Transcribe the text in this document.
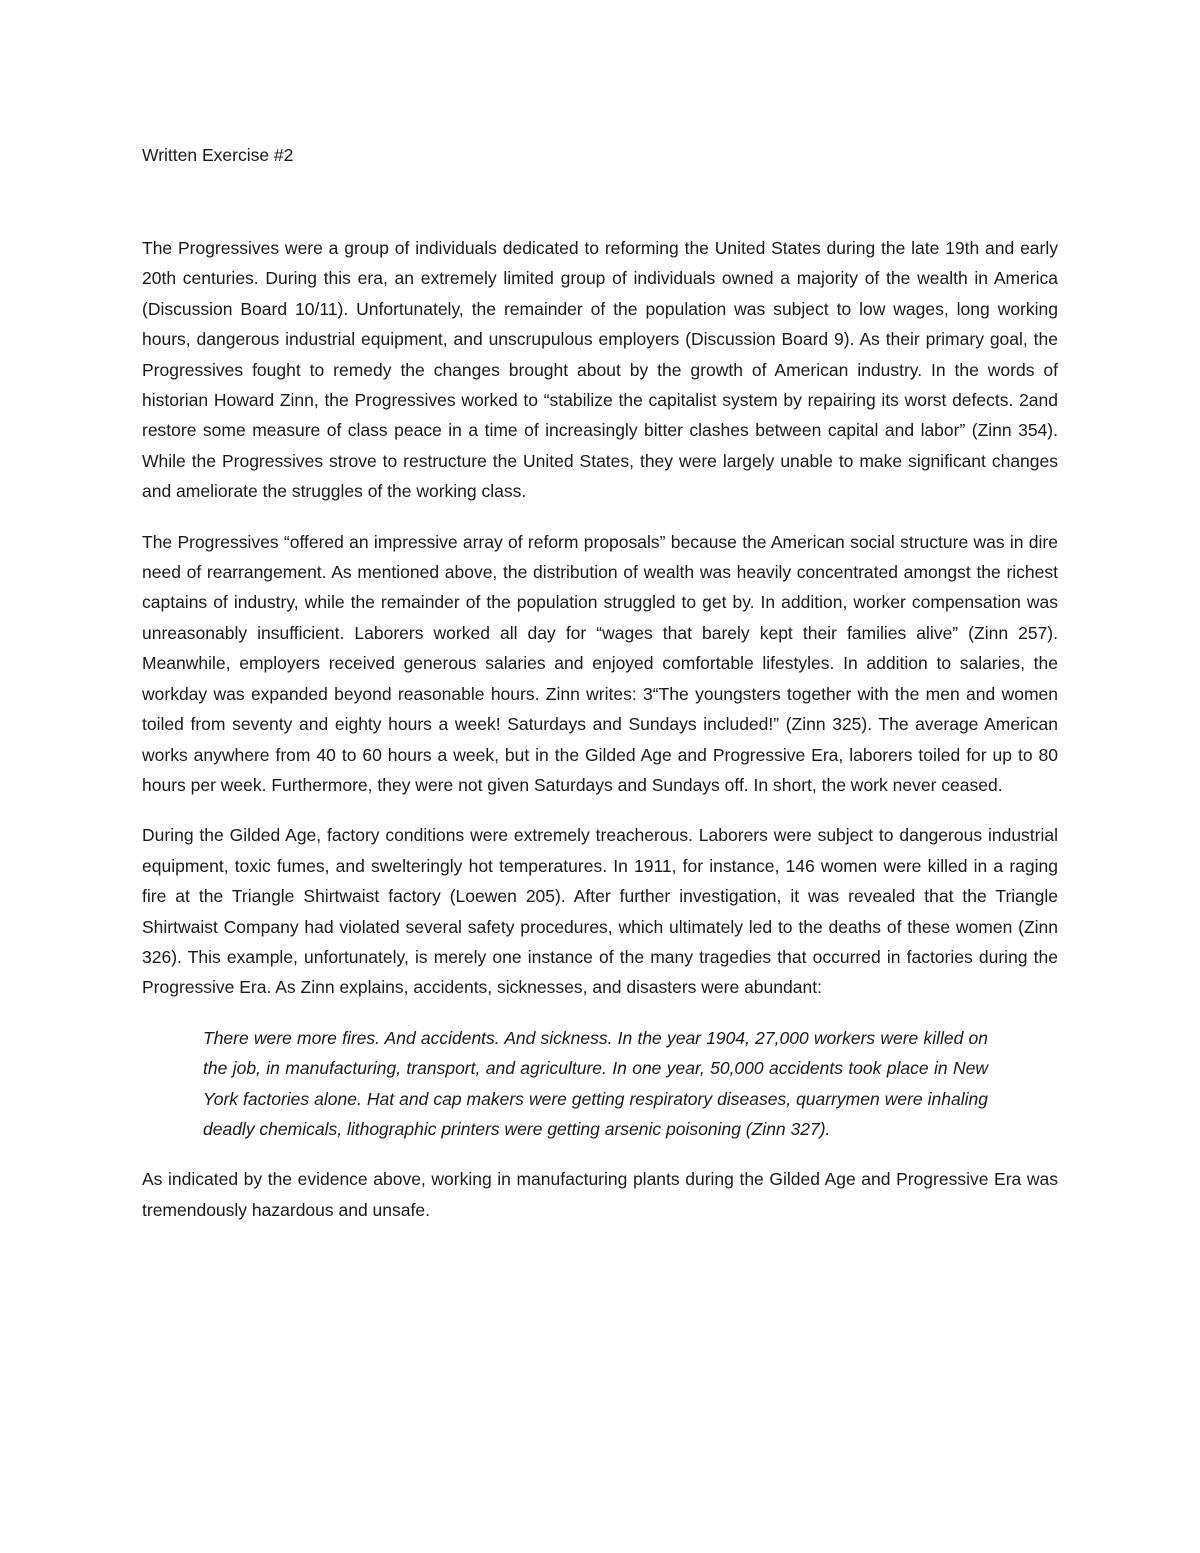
Written Exercise #2

The Progressives were a group of individuals dedicated to reforming the United States during the late 19th and early 20th centuries. During this era, an extremely limited group of individuals owned a majority of the wealth in America (Discussion Board 10/11). Unfortunately, the remainder of the population was subject to low wages, long working hours, dangerous industrial equipment, and unscrupulous employers (Discussion Board 9). As their primary goal, the Progressives fought to remedy the changes brought about by the growth of American industry. In the words of historian Howard Zinn, the Progressives worked to “stabilize the capitalist system by repairing its worst defects. 2and restore some measure of class peace in a time of increasingly bitter clashes between capital and labor” (Zinn 354). While the Progressives strove to restructure the United States, they were largely unable to make significant changes and ameliorate the struggles of the working class.

The Progressives “offered an impressive array of reform proposals” because the American social structure was in dire need of rearrangement. As mentioned above, the distribution of wealth was heavily concentrated amongst the richest captains of industry, while the remainder of the population struggled to get by. In addition, worker compensation was unreasonably insufficient. Laborers worked all day for “wages that barely kept their families alive” (Zinn 257). Meanwhile, employers received generous salaries and enjoyed comfortable lifestyles. In addition to salaries, the workday was expanded beyond reasonable hours. Zinn writes: 3“The youngsters together with the men and women toiled from seventy and eighty hours a week! Saturdays and Sundays included!” (Zinn 325). The average American works anywhere from 40 to 60 hours a week, but in the Gilded Age and Progressive Era, laborers toiled for up to 80 hours per week. Furthermore, they were not given Saturdays and Sundays off. In short, the work never ceased.

During the Gilded Age, factory conditions were extremely treacherous. Laborers were subject to dangerous industrial equipment, toxic fumes, and swelteringly hot temperatures. In 1911, for instance, 146 women were killed in a raging fire at the Triangle Shirtwaist factory (Loewen 205). After further investigation, it was revealed that the Triangle Shirtwaist Company had violated several safety procedures, which ultimately led to the deaths of these women (Zinn 326). This example, unfortunately, is merely one instance of the many tragedies that occurred in factories during the Progressive Era. As Zinn explains, accidents, sicknesses, and disasters were abundant:

There were more fires. And accidents. And sickness. In the year 1904, 27,000 workers were killed on the job, in manufacturing, transport, and agriculture. In one year, 50,000 accidents took place in New York factories alone. Hat and cap makers were getting respiratory diseases, quarrymen were inhaling deadly chemicals, lithographic printers were getting arsenic poisoning (Zinn 327).

As indicated by the evidence above, working in manufacturing plants during the Gilded Age and Progressive Era was tremendously hazardous and unsafe.
